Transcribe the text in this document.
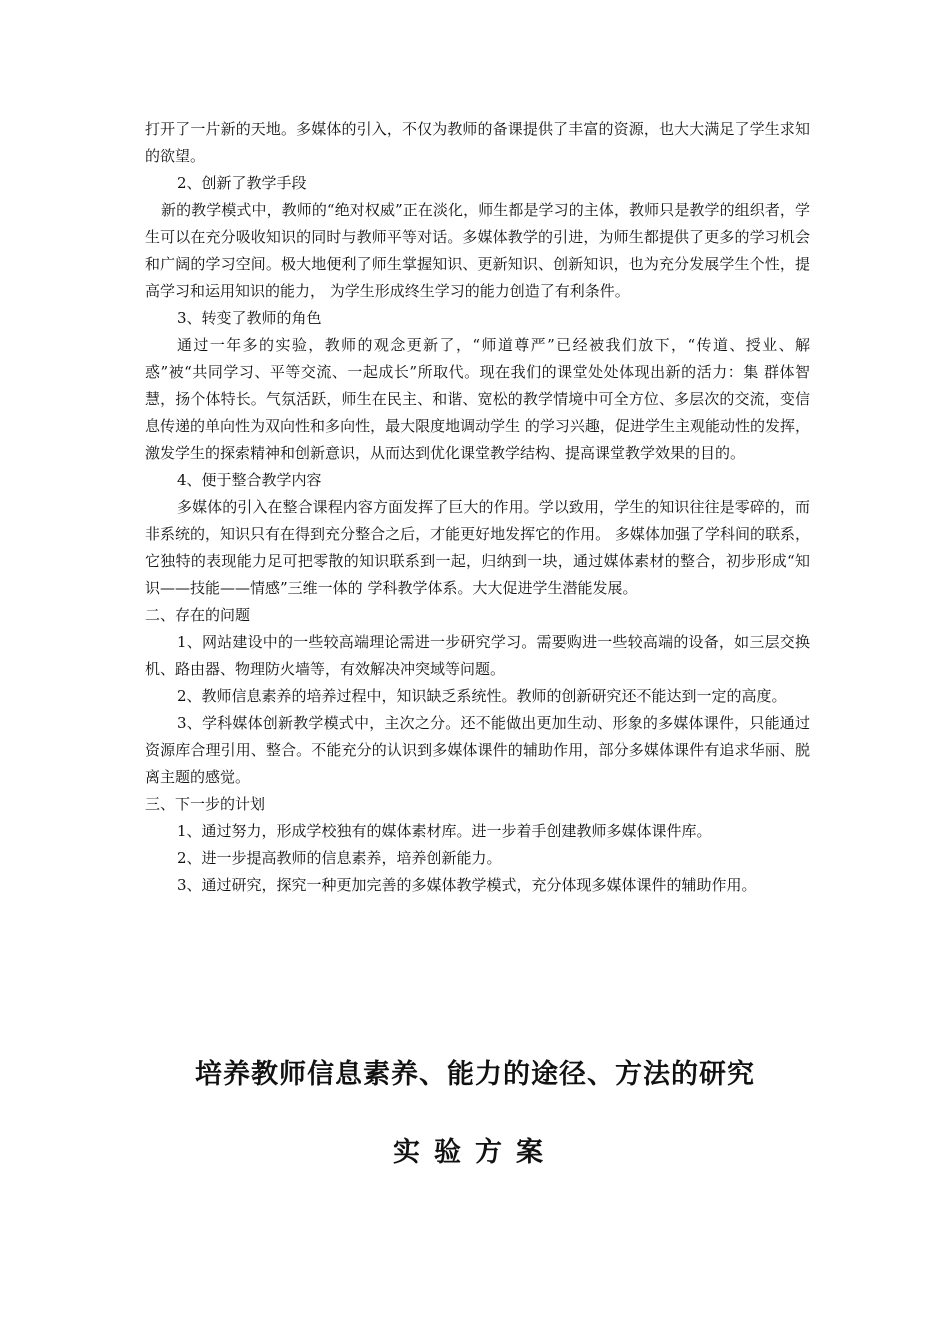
打开了一片新的天地。多媒体的引入，不仅为教师的备课提供了丰富的资源，也大大满足了学生求知的欲望。

2、创新了教学手段

新的教学模式中，教师的“绝对权威”正在淡化，师生都是学习的主体，教师只是教学的组织者，学生可以在充分吸收知识的同时与教师平等对话。多媒体教学的引进，为师生都提供了更多的学习机会和广阔的学习空间。极大地便利了师生掌握知识、更新知识、创新知识，也为充分发展学生个性，提高学习和运用知识的能力， 为学生形成终生学习的能力创造了有利条件。

3、转变了教师的角色

通过一年多的实验，教师的观念更新了，“师道尊严”已经被我们放下，“传道、授业、解惑”被“共同学习、平等交流、一起成长”所取代。现在我们的课堂处处体现出新的活力：集 群体智慧，扬个体特长。气氛活跃，师生在民主、和谐、宽松的教学情境中可全方位、多层次的交流，变信息传递的单向性为双向性和多向性，最大限度地调动学生 的学习兴趣，促进学生主观能动性的发挥，激发学生的探索精神和创新意识，从而达到优化课堂教学结构、提高课堂教学效果的目的。

4、便于整合教学内容

多媒体的引入在整合课程内容方面发挥了巨大的作用。学以致用，学生的知识往往是零碎的，而非系统的，知识只有在得到充分整合之后，才能更好地发挥它的作用。 多媒体加强了学科间的联系，它独特的表现能力足可把零散的知识联系到一起，归纳到一块，通过媒体素材的整合，初步形成“知识——技能——情感”三维一体的 学科教学体系。大大促进学生潜能发展。

二、存在的问题

1、网站建设中的一些较高端理论需进一步研究学习。需要购进一些较高端的设备，如三层交换机、路由器、物理防火墙等，有效解决冲突域等问题。

2、教师信息素养的培养过程中，知识缺乏系统性。教师的创新研究还不能达到一定的高度。

3、学科媒体创新教学模式中，主次之分。还不能做出更加生动、形象的多媒体课件，只能通过资源库合理引用、整合。不能充分的认识到多媒体课件的辅助作用，部分多媒体课件有追求华丽、脱离主题的感觉。

三、下一步的计划

1、通过努力，形成学校独有的媒体素材库。进一步着手创建教师多媒体课件库。

2、进一步提高教师的信息素养，培养创新能力。

3、通过研究，探究一种更加完善的多媒体教学模式，充分体现多媒体课件的辅助作用。

培养教师信息素养、能力的途径、方法的研究
实验方案
